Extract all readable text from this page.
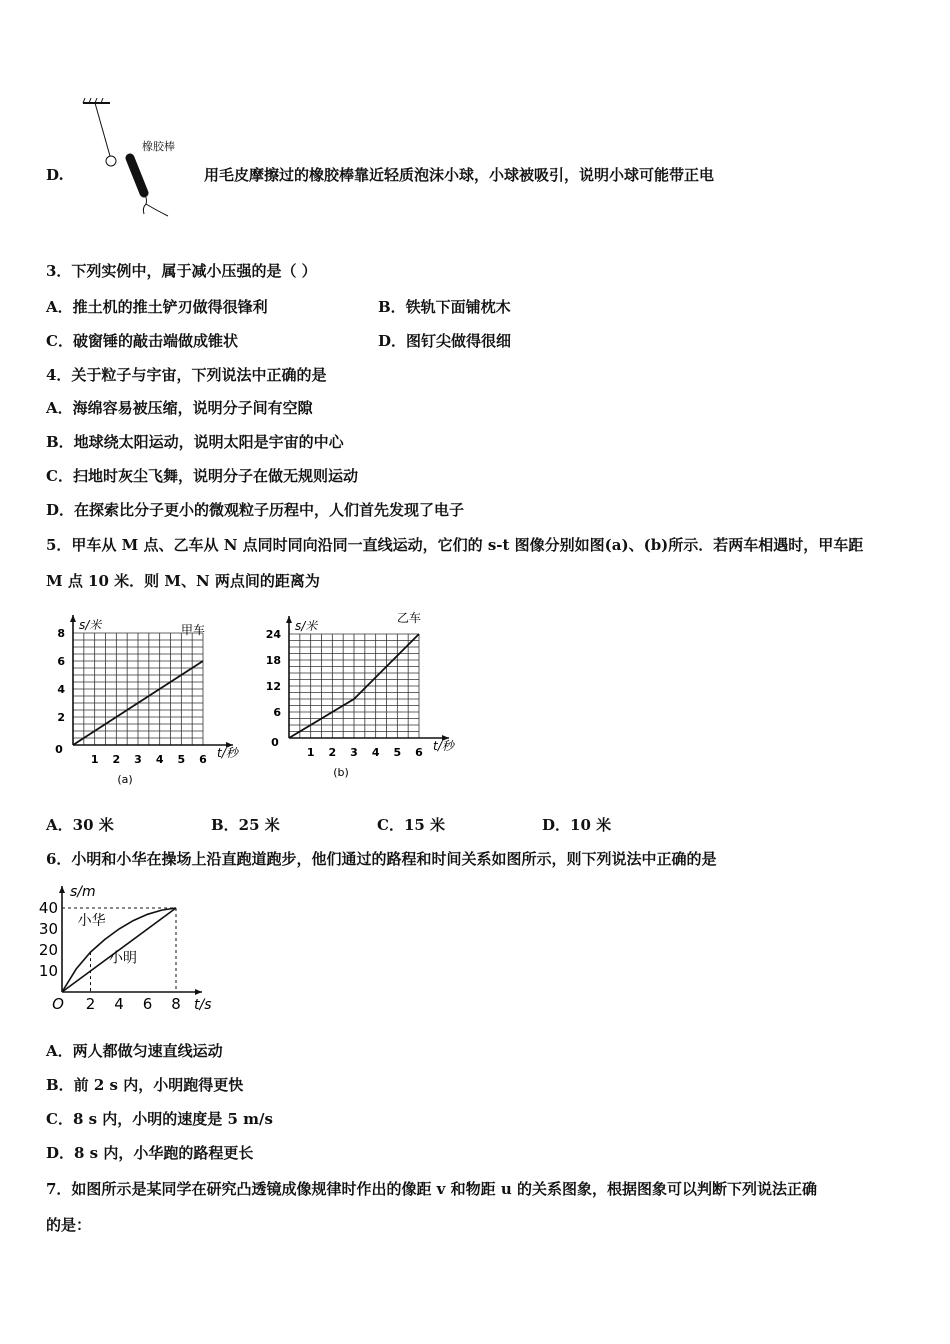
D.
橡胶棒
用毛皮摩擦过的橡胶棒靠近轻质泡沫小球，小球被吸引，说明小球可能带正电
3．下列实例中，属于减小压强的是（ ）
A．推土机的推土铲刃做得很锋利	B．铁轨下面铺枕木
C．破窗锤的敲击端做成锥状	D．图钉尖做得很细
4．关于粒子与宇宙，下列说法中正确的是
A．海绵容易被压缩，说明分子间有空隙
B．地球绕太阳运动，说明太阳是宇宙的中心
C．扫地时灰尘飞舞，说明分子在做无规则运动
D．在探索比分子更小的微观粒子历程中，人们首先发现了电子
5．甲车从 M 点、乙车从 N 点同时同向沿同一直线运动，它们的 s-t 图像分别如图(a)、(b)所示．若两车相遇时，甲车距
M 点 10 米．则 M、N 两点间的距离为
0
1 2 3 4 5 6
2
4
6
8
s/米
t/秒
甲车
(a)
0
1 2 3 4 5 6
6
12
18
24
s/米
t/秒
乙车
(b)
A．30 米	B．25 米	C．15 米	D．10 米
6．小明和小华在操场上沿直跑道跑步，他们通过的路程和时间关系如图所示，则下列说法中正确的是
O 2 4 6 8
10
20
30
40
s/m
t/s
小华
小明
A．两人都做匀速直线运动
B．前 2 s 内，小明跑得更快
C．8 s 内，小明的速度是 5 m/s
D．8 s 内，小华跑的路程更长
7．如图所示是某同学在研究凸透镜成像规律时作出的像距 v 和物距 u 的关系图象，根据图象可以判断下列说法正确
的是：
